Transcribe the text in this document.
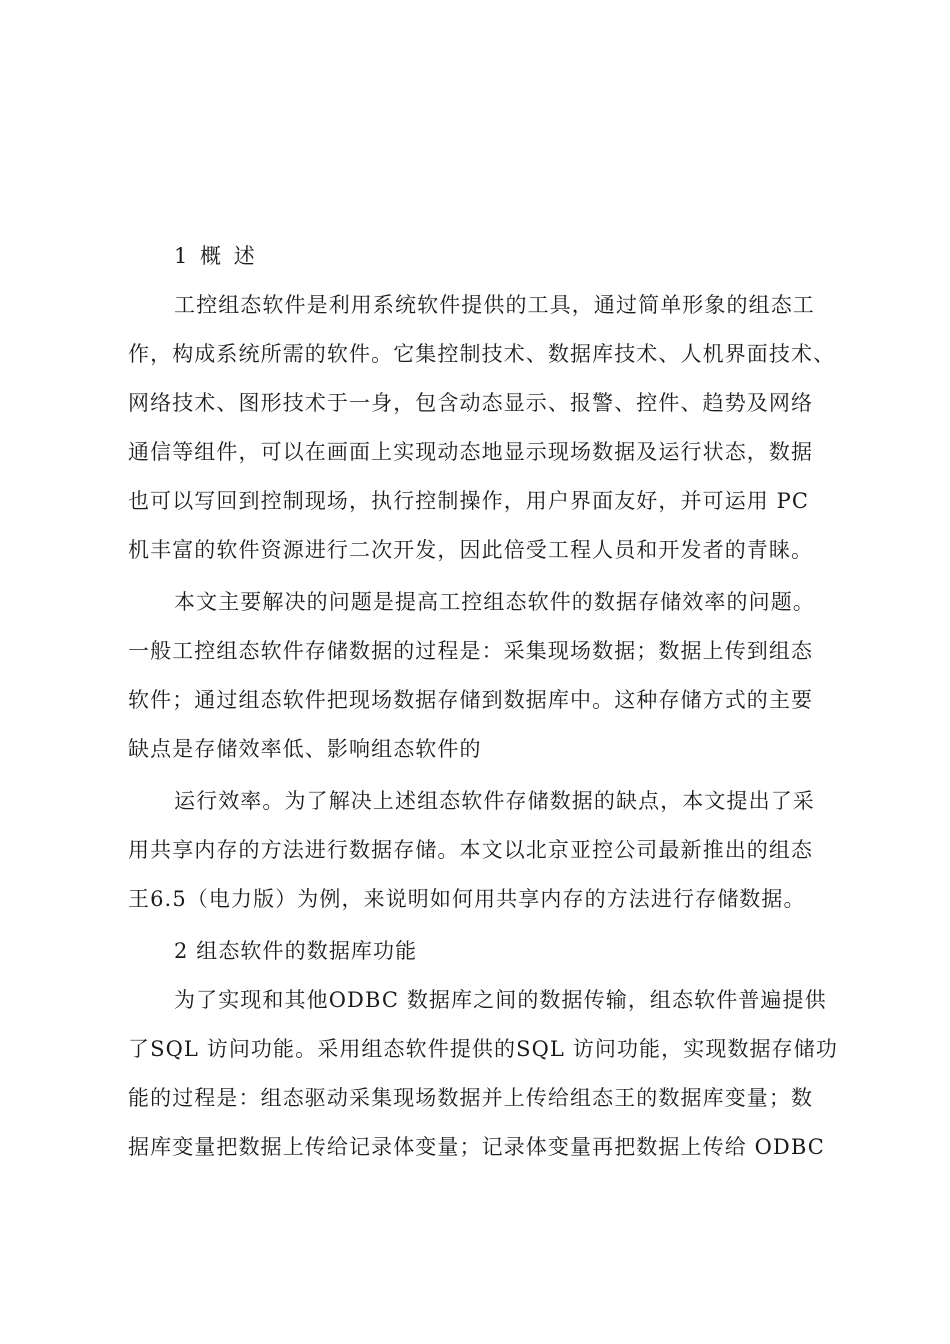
1 概 述
工控组态软件是利用系统软件提供的工具，通过简单形象的组态工
作，构成系统所需的软件。它集控制技术、数据库技术、人机界面技术、
网络技术、图形技术于一身，包含动态显示、报警、控件、趋势及网络
通信等组件，可以在画面上实现动态地显示现场数据及运行状态，数据
也可以写回到控制现场，执行控制操作，用户界面友好，并可运用 PC
机丰富的软件资源进行二次开发，因此倍受工程人员和开发者的青睐。
本文主要解决的问题是提高工控组态软件的数据存储效率的问题。
一般工控组态软件存储数据的过程是：采集现场数据；数据上传到组态
软件；通过组态软件把现场数据存储到数据库中。这种存储方式的主要
缺点是存储效率低、影响组态软件的
运行效率。为了解决上述组态软件存储数据的缺点，本文提出了采
用共享内存的方法进行数据存储。本文以北京亚控公司最新推出的组态
王6.5（电力版）为例，来说明如何用共享内存的方法进行存储数据。
2 组态软件的数据库功能
为了实现和其他ODBC 数据库之间的数据传输，组态软件普遍提供
了SQL 访问功能。采用组态软件提供的SQL 访问功能，实现数据存储功
能的过程是：组态驱动采集现场数据并上传给组态王的数据库变量；数
据库变量把数据上传给记录体变量；记录体变量再把数据上传给 ODBC
